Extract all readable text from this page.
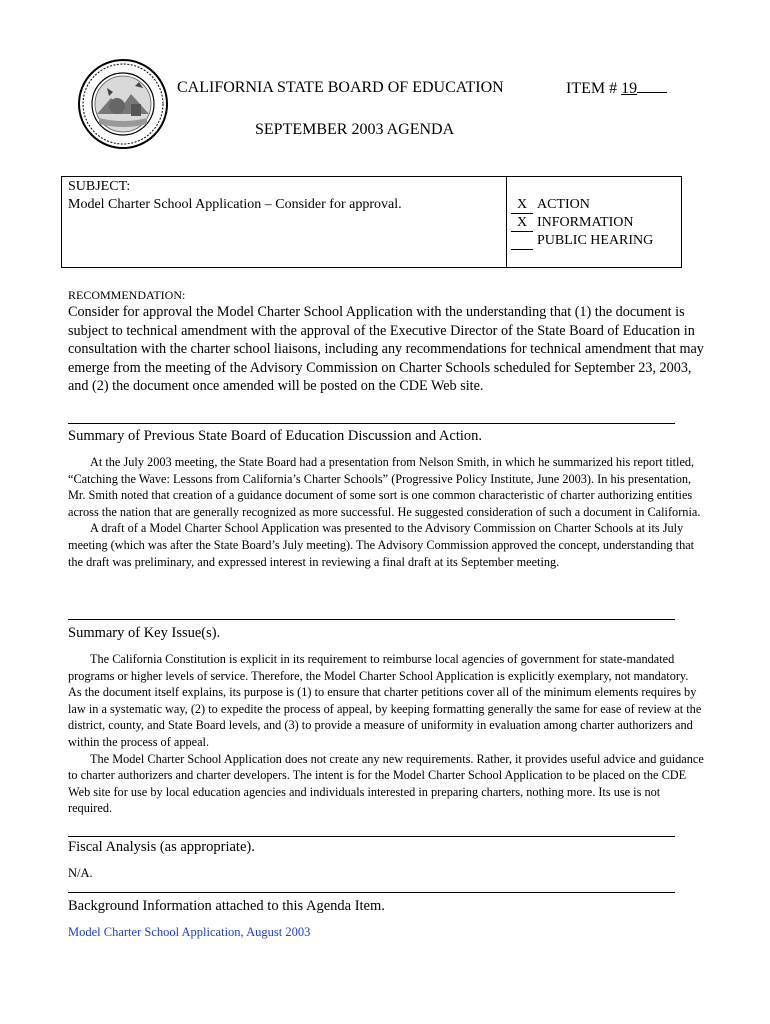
CALIFORNIA STATE BOARD OF EDUCATION	ITEM # 19
SEPTEMBER 2003 AGENDA
SUBJECT:
Model Charter School Application – Consider for approval.	X ACTION
X INFORMATION
PUBLIC HEARING
RECOMMENDATION:
Consider for approval the Model Charter School Application with the understanding that (1) the document is subject to technical amendment with the approval of the Executive Director of the State Board of Education in consultation with the charter school liaisons, including any recommendations for technical amendment that may emerge from the meeting of the Advisory Commission on Charter Schools scheduled for September 23, 2003, and (2) the document once amended will be posted on the CDE Web site.
Summary of Previous State Board of Education Discussion and Action.

At the July 2003 meeting, the State Board had a presentation from Nelson Smith, in which he summarized his report titled, “Catching the Wave: Lessons from California’s Charter Schools” (Progressive Policy Institute, June 2003). In his presentation, Mr. Smith noted that creation of a guidance document of some sort is one common characteristic of charter authorizing entities across the nation that are generally recognized as more successful. He suggested consideration of such a document in California.

A draft of a Model Charter School Application was presented to the Advisory Commission on Charter Schools at its July meeting (which was after the State Board’s July meeting). The Advisory Commission approved the concept, understanding that the draft was preliminary, and expressed interest in reviewing a final draft at its September meeting.

Summary of Key Issue(s).

The California Constitution is explicit in its requirement to reimburse local agencies of government for state-mandated programs or higher levels of service. Therefore, the Model Charter School Application is explicitly exemplary, not mandatory. As the document itself explains, its purpose is (1) to ensure that charter petitions cover all of the minimum elements requires by law in a systematic way, (2) to expedite the process of appeal, by keeping formatting generally the same for ease of review at the district, county, and State Board levels, and (3) to provide a measure of uniformity in evaluation among charter authorizers and within the process of appeal.

The Model Charter School Application does not create any new requirements. Rather, it provides useful advice and guidance to charter authorizers and charter developers. The intent is for the Model Charter School Application to be placed on the CDE Web site for use by local education agencies and individuals interested in preparing charters, nothing more. Its use is not required.

Fiscal Analysis (as appropriate).
N/A.
Background Information attached to this Agenda Item.
Model Charter School Application, August 2003
